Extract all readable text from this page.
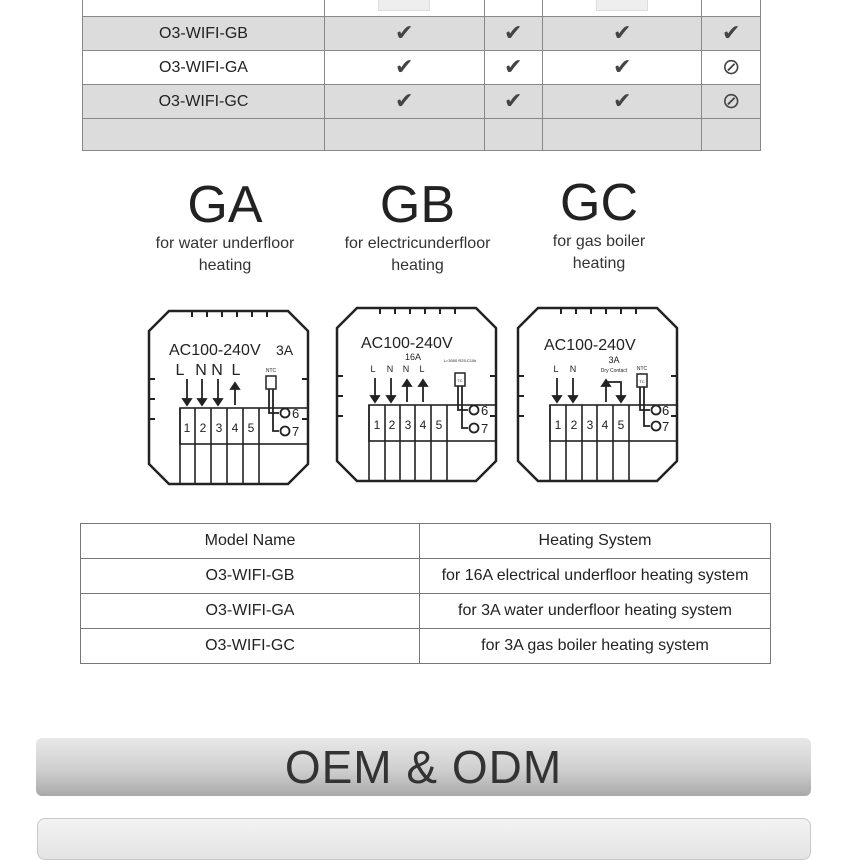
O3-WIFI-GB	✔	✔	✔	✔
O3-WIFI-GA	✔	✔	✔	⊘
O3-WIFI-GC	✔	✔	✔	⊘

GA
for water underfloor
heating
GB
for electricunderfloor
heating
GC
for gas boiler
heating
AC100-240V 3A
L N N L	NTC
6
7
1 2 3 4 5
AC100-240V
16A
L N N L
L=3000 R25:C10k
TC
6
7
1 2 3 4 5
AC100-240V
3A
L N	Dry Contact NTC
TC
6
7
1 2 3 4 5
Model Name	Heating System
O3-WIFI-GB	for 16A electrical underfloor heating system
O3-WIFI-GA	for 3A water underfloor heating system
O3-WIFI-GC	for 3A gas boiler heating system
OEM & ODM
